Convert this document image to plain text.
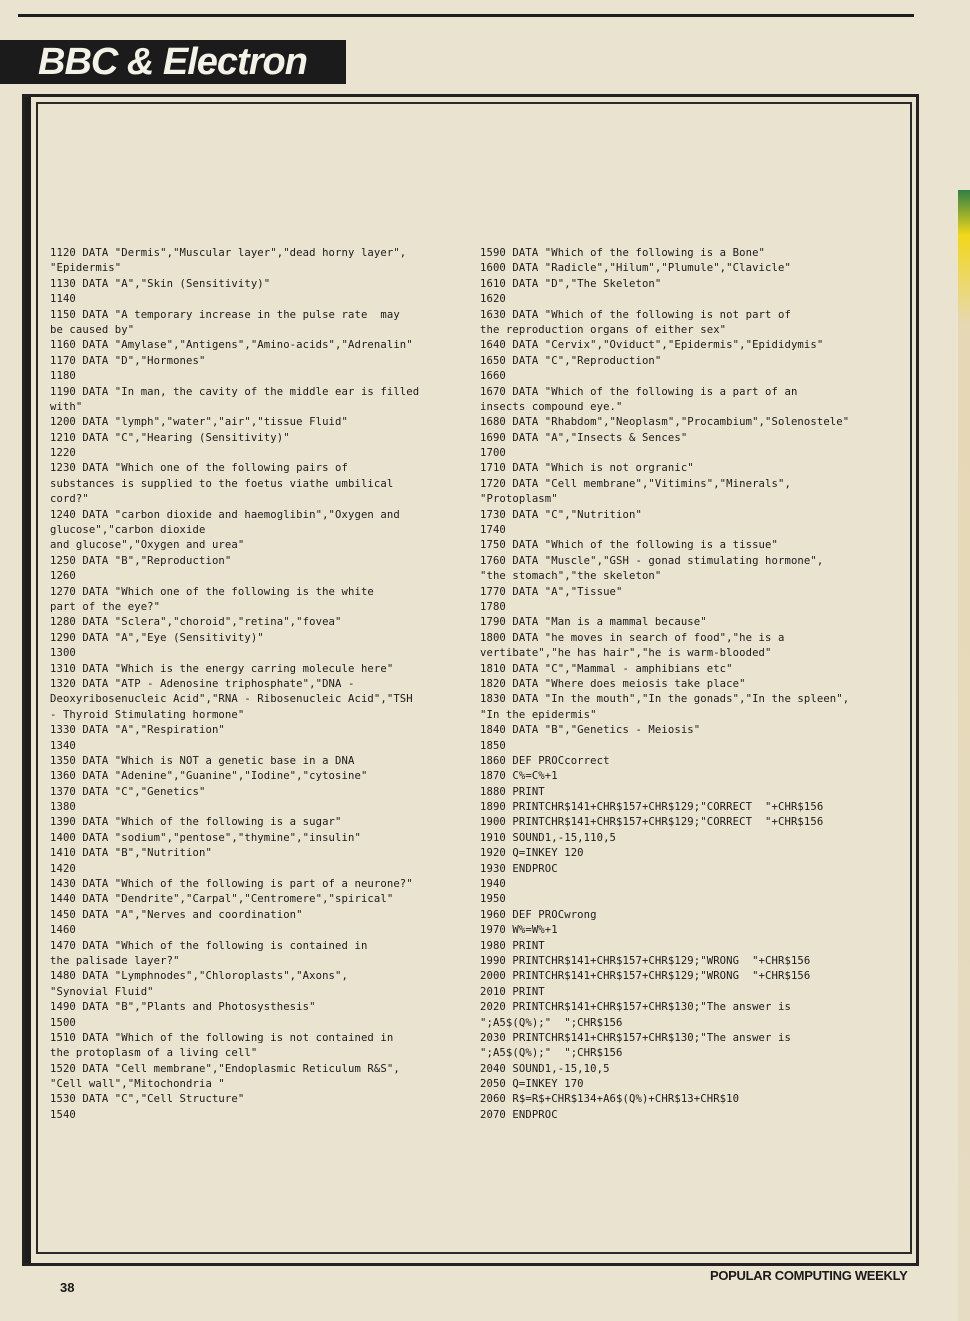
BBC & Electron
1120 DATA "Dermis","Muscular layer","dead horny layer",
"Epidermis"
1130 DATA "A","Skin (Sensitivity)"
1140
1150 DATA "A temporary increase in the pulse rate  may
be caused by"
1160 DATA "Amylase","Antigens","Amino-acids","Adrenalin"
1170 DATA "D","Hormones"
1180
1190 DATA "In man, the cavity of the middle ear is filled
with"
1200 DATA "lymph","water","air","tissue Fluid"
1210 DATA "C","Hearing (Sensitivity)"
1220
1230 DATA "Which one of the following pairs of
substances is supplied to the foetus viathe umbilical
cord?"
1240 DATA "carbon dioxide and haemoglibin","Oxygen and
glucose","carbon dioxide
and glucose","Oxygen and urea"
1250 DATA "B","Reproduction"
1260
1270 DATA "Which one of the following is the white
part of the eye?"
1280 DATA "Sclera","choroid","retina","fovea"
1290 DATA "A","Eye (Sensitivity)"
1300
1310 DATA "Which is the energy carring molecule here"
1320 DATA "ATP - Adenosine triphosphate","DNA -
Deoxyribosenucleic Acid","RNA - Ribosenucleic Acid","TSH
- Thyroid Stimulating hormone"
1330 DATA "A","Respiration"
1340
1350 DATA "Which is NOT a genetic base in a DNA
1360 DATA "Adenine","Guanine","Iodine","cytosine"
1370 DATA "C","Genetics"
1380
1390 DATA "Which of the following is a sugar"
1400 DATA "sodium","pentose","thymine","insulin"
1410 DATA "B","Nutrition"
1420
1430 DATA "Which of the following is part of a neurone?"
1440 DATA "Dendrite","Carpal","Centromere","spirical"
1450 DATA "A","Nerves and coordination"
1460
1470 DATA "Which of the following is contained in
the palisade layer?"
1480 DATA "Lymphnodes","Chloroplasts","Axons",
"Synovial Fluid"
1490 DATA "B","Plants and Photosysthesis"
1500
1510 DATA "Which of the following is not contained in
the protoplasm of a living cell"
1520 DATA "Cell membrane","Endoplasmic Reticulum R&S",
"Cell wall","Mitochondria "
1530 DATA "C","Cell Structure"
1540
1590 DATA "Which of the following is a Bone"
1600 DATA "Radicle","Hilum","Plumule","Clavicle"
1610 DATA "D","The Skeleton"
1620
1630 DATA "Which of the following is not part of
the reproduction organs of either sex"
1640 DATA "Cervix","Oviduct","Epidermis","Epididymis"
1650 DATA "C","Reproduction"
1660
1670 DATA "Which of the following is a part of an
insects compound eye."
1680 DATA "Rhabdom","Neoplasm","Procambium","Solenostele"
1690 DATA "A","Insects & Sences"
1700
1710 DATA "Which is not orgranic"
1720 DATA "Cell membrane","Vitimins","Minerals",
"Protoplasm"
1730 DATA "C","Nutrition"
1740
1750 DATA "Which of the following is a tissue"
1760 DATA "Muscle","GSH - gonad stimulating hormone",
"the stomach","the skeleton"
1770 DATA "A","Tissue"
1780
1790 DATA "Man is a mammal because"
1800 DATA "he moves in search of food","he is a
vertibate","he has hair","he is warm-blooded"
1810 DATA "C","Mammal - amphibians etc"
1820 DATA "Where does meiosis take place"
1830 DATA "In the mouth","In the gonads","In the spleen",
"In the epidermis"
1840 DATA "B","Genetics - Meiosis"
1850
1860 DEF PROCcorrect
1870 C%=C%+1
1880 PRINT
1890 PRINTCHR$141+CHR$157+CHR$129;"CORRECT  "+CHR$156
1900 PRINTCHR$141+CHR$157+CHR$129;"CORRECT  "+CHR$156
1910 SOUND1,-15,110,5
1920 Q=INKEY 120
1930 ENDPROC
1940
1950
1960 DEF PROCwrong
1970 W%=W%+1
1980 PRINT
1990 PRINTCHR$141+CHR$157+CHR$129;"WRONG  "+CHR$156
2000 PRINTCHR$141+CHR$157+CHR$129;"WRONG  "+CHR$156
2010 PRINT
2020 PRINTCHR$141+CHR$157+CHR$130;"The answer is
";A5$(Q%);"  ";CHR$156
2030 PRINTCHR$141+CHR$157+CHR$130;"The answer is
";A5$(Q%);"  ";CHR$156
2040 SOUND1,-15,10,5
2050 Q=INKEY 170
2060 R$=R$+CHR$134+A6$(Q%)+CHR$13+CHR$10
2070 ENDPROC
38
POPULAR COMPUTING WEEKLY
